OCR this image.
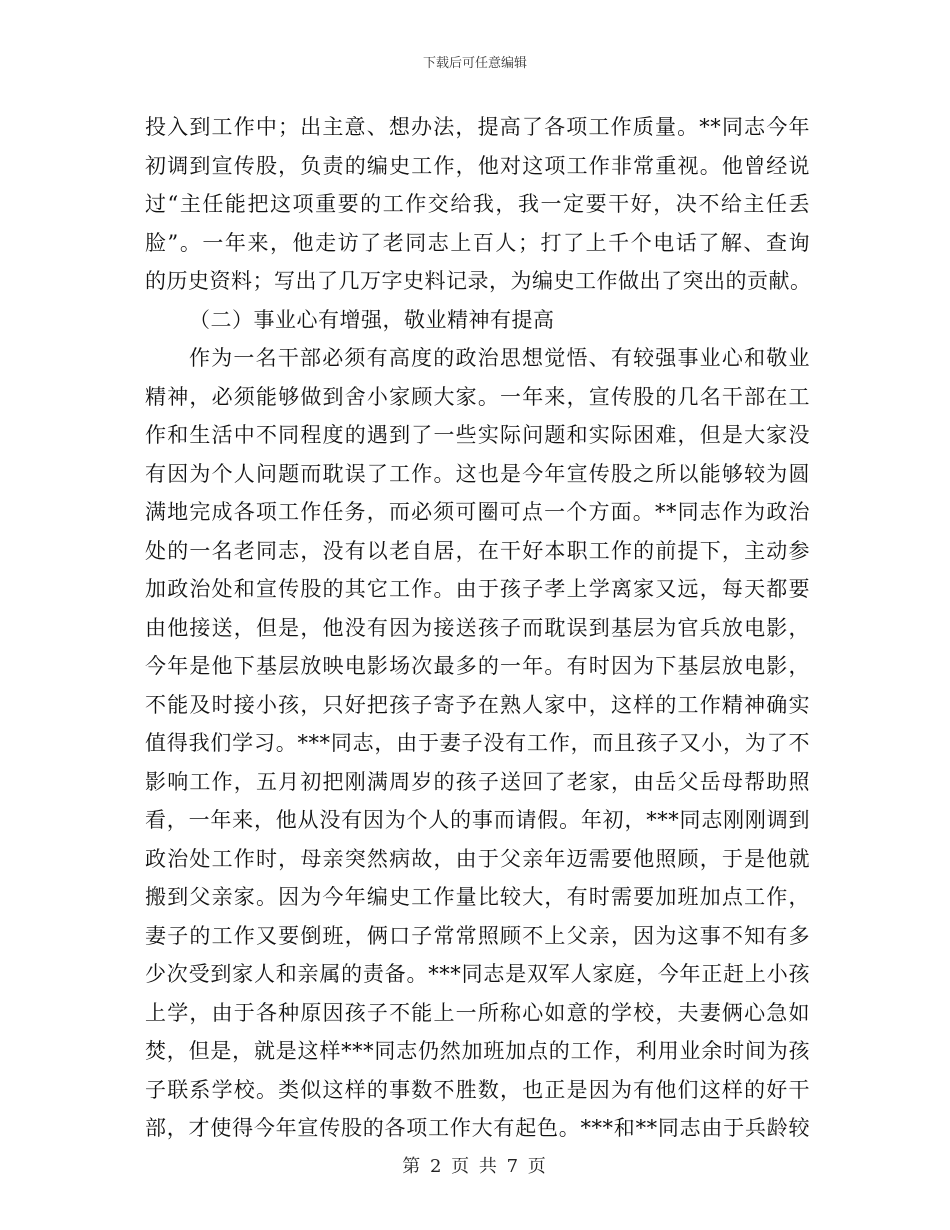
下载后可任意编辑
投入到工作中；出主意、想办法，提高了各项工作质量。**同志今年
初调到宣传股，负责的编史工作，他对这项工作非常重视。他曾经说
过“主任能把这项重要的工作交给我，我一定要干好，决不给主任丢
脸”。一年来，他走访了老同志上百人；打了上千个电话了解、查询
的历史资料；写出了几万字史料记录，为编史工作做出了突出的贡献。
（二）事业心有增强，敬业精神有提高
作为一名干部必须有高度的政治思想觉悟、有较强事业心和敬业
精神，必须能够做到舍小家顾大家。一年来，宣传股的几名干部在工
作和生活中不同程度的遇到了一些实际问题和实际困难，但是大家没
有因为个人问题而耽误了工作。这也是今年宣传股之所以能够较为圆
满地完成各项工作任务，而必须可圈可点一个方面。**同志作为政治
处的一名老同志，没有以老自居，在干好本职工作的前提下，主动参
加政治处和宣传股的其它工作。由于孩子孝上学离家又远，每天都要
由他接送，但是，他没有因为接送孩子而耽误到基层为官兵放电影，
今年是他下基层放映电影场次最多的一年。有时因为下基层放电影，
不能及时接小孩，只好把孩子寄予在熟人家中，这样的工作精神确实
值得我们学习。***同志，由于妻子没有工作，而且孩子又小，为了不
影响工作，五月初把刚满周岁的孩子送回了老家，由岳父岳母帮助照
看，一年来，他从没有因为个人的事而请假。年初，***同志刚刚调到
政治处工作时，母亲突然病故，由于父亲年迈需要他照顾，于是他就
搬到父亲家。因为今年编史工作量比较大，有时需要加班加点工作，
妻子的工作又要倒班，俩口子常常照顾不上父亲，因为这事不知有多
少次受到家人和亲属的责备。***同志是双军人家庭，今年正赶上小孩
上学，由于各种原因孩子不能上一所称心如意的学校，夫妻俩心急如
焚，但是，就是这样***同志仍然加班加点的工作，利用业余时间为孩
子联系学校。类似这样的事数不胜数，也正是因为有他们这样的好干
部，才使得今年宣传股的各项工作大有起色。***和**同志由于兵龄较
第 2 页 共 7 页
